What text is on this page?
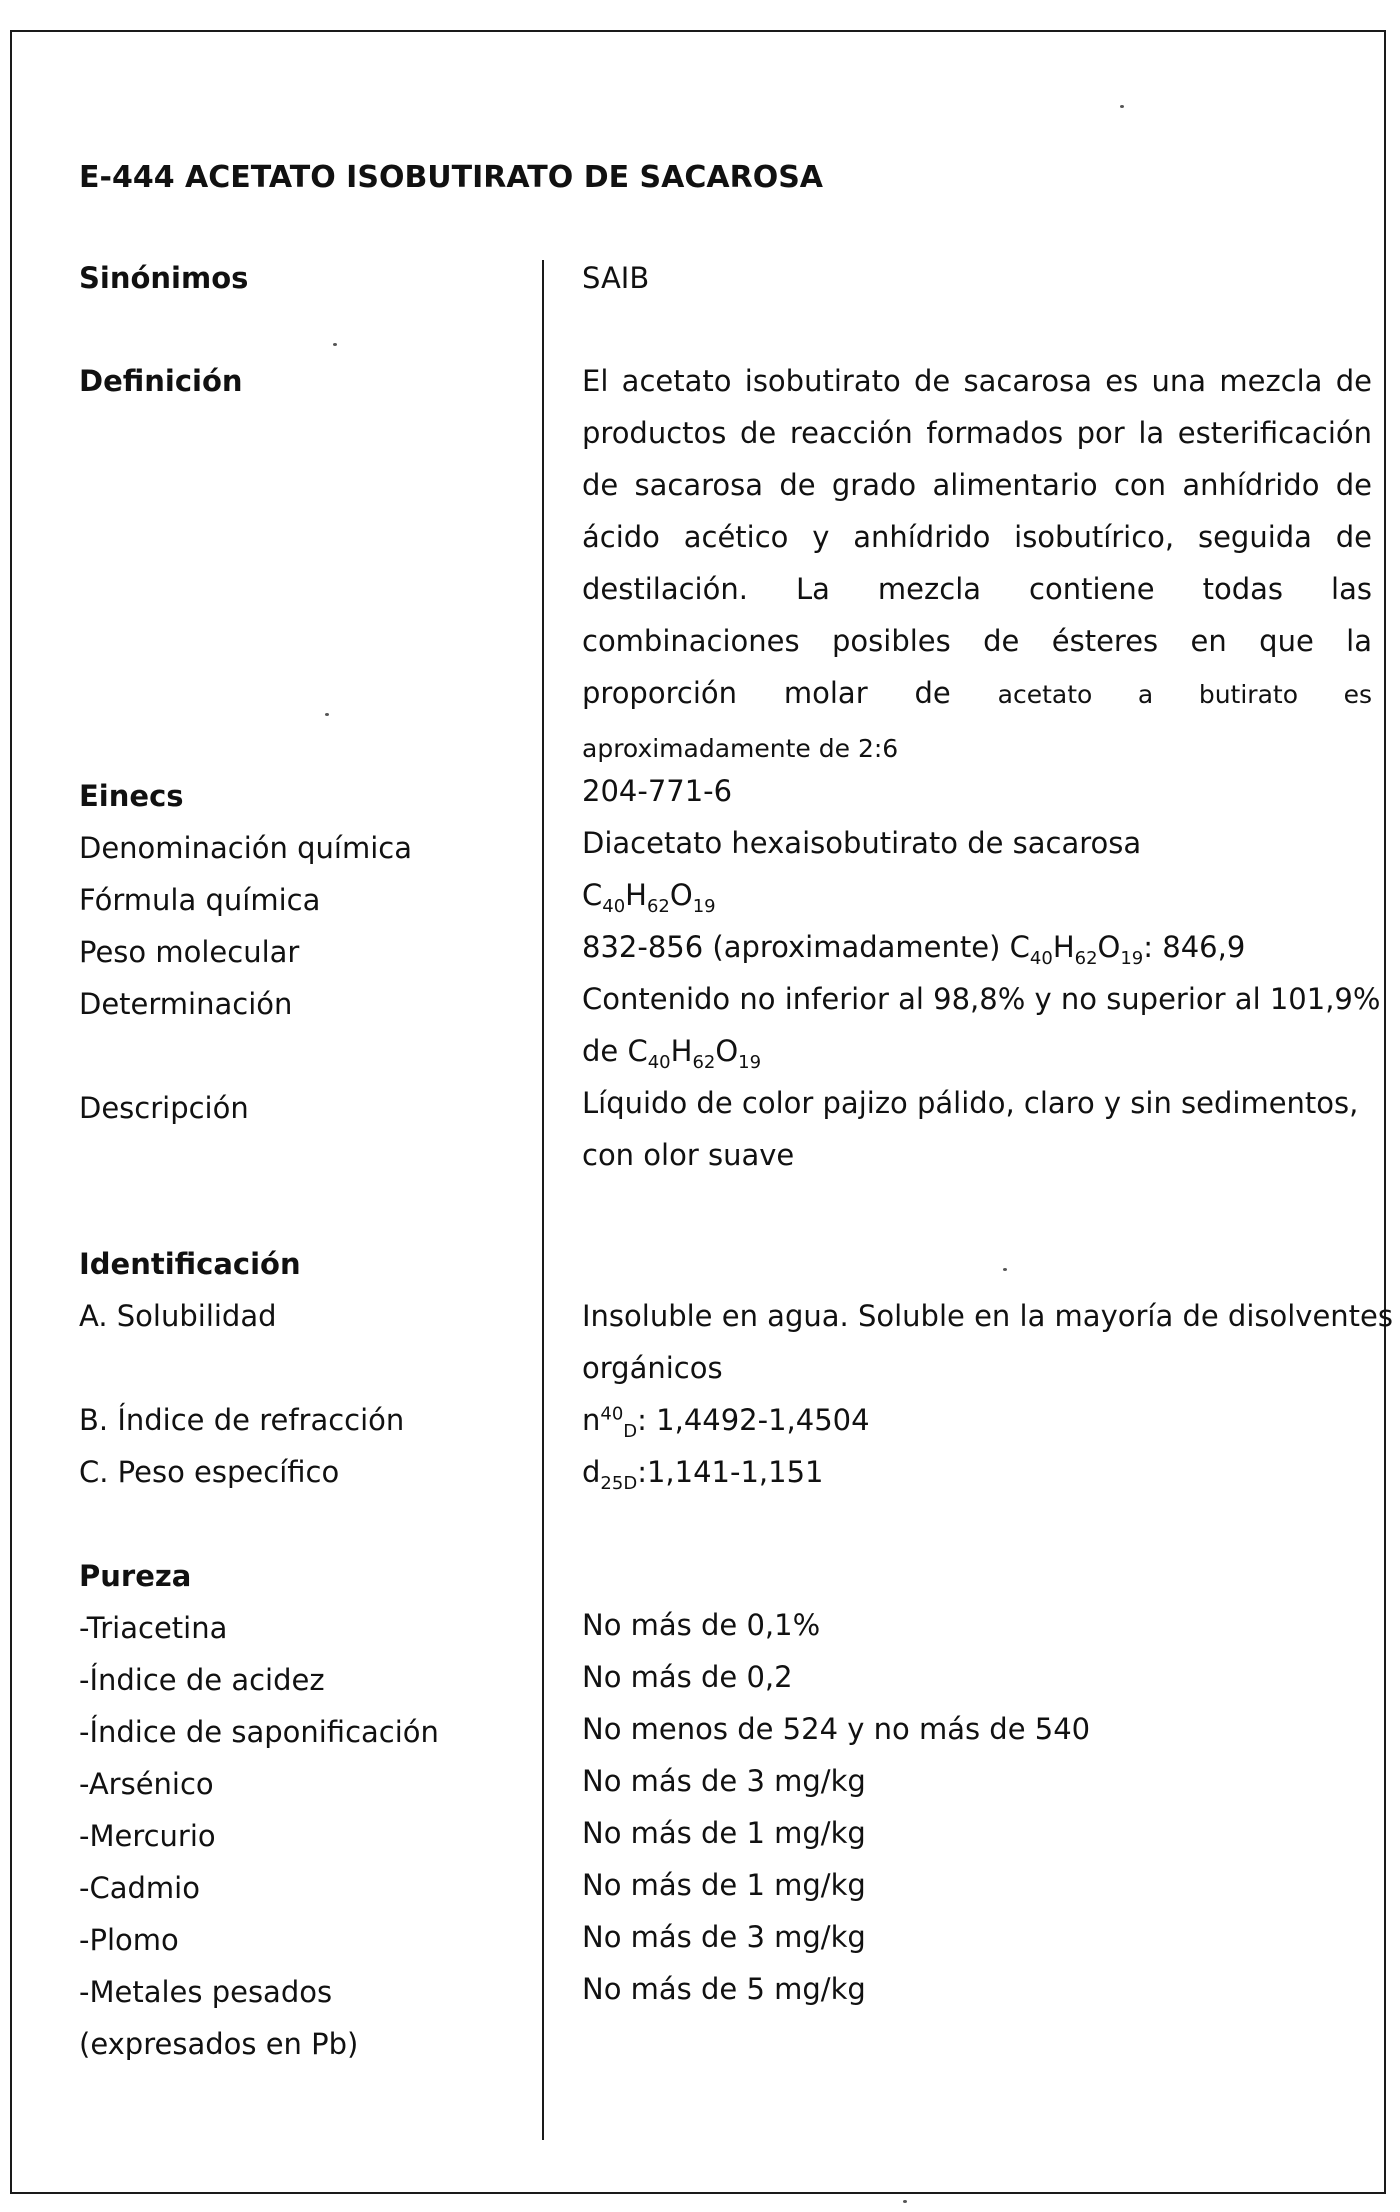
E-444 ACETATO ISOBUTIRATO DE SACAROSA
Sinónimos	SAIB
Definición	El acetato isobutirato de sacarosa es una mezcla de productos de reacción formados por la esterificación de sacarosa de grado alimentario con anhídrido de ácido acético y anhídrido isobutírico, seguida de destilación. La mezcla contiene todas las combinaciones posibles de ésteres en que la proporción molar de acetato a butirato es aproximadamente de 2:6
Einecs	204-771-6
Denominación química	Diacetato hexaisobutirato de sacarosa
Fórmula química	$C_{40}H_{62}O_{19}$
Peso molecular	832-856 (aproximadamente) $C_{40}H_{62}O_{19}$: 846,9
Determinación	Contenido no inferior al 98,8% y no superior al 101,9%
de $C_{40}H_{62}O_{19}$
Descripción	Líquido de color pajizo pálido, claro y sin sedimentos,
con olor suave
Identificación
A. Solubilidad	Insoluble en agua. Soluble en la mayoría de disolventes
orgánicos
B. Índice de refracción	$n^{40}_D$: 1,4492-1,4504
C. Peso específico	$d_{25D}:1,141-1,151$
Pureza
-Triacetina	No más de 0,1%
-Índice de acidez	No más de 0,2
-Índice de saponificación	No menos de 524 y no más de 540
-Arsénico	No más de 3 mg/kg
-Mercurio	No más de 1 mg/kg
-Cadmio	No más de 1 mg/kg
-Plomo	No más de 3 mg/kg
-Metales pesados	No más de 5 mg/kg
(expresados en Pb)
